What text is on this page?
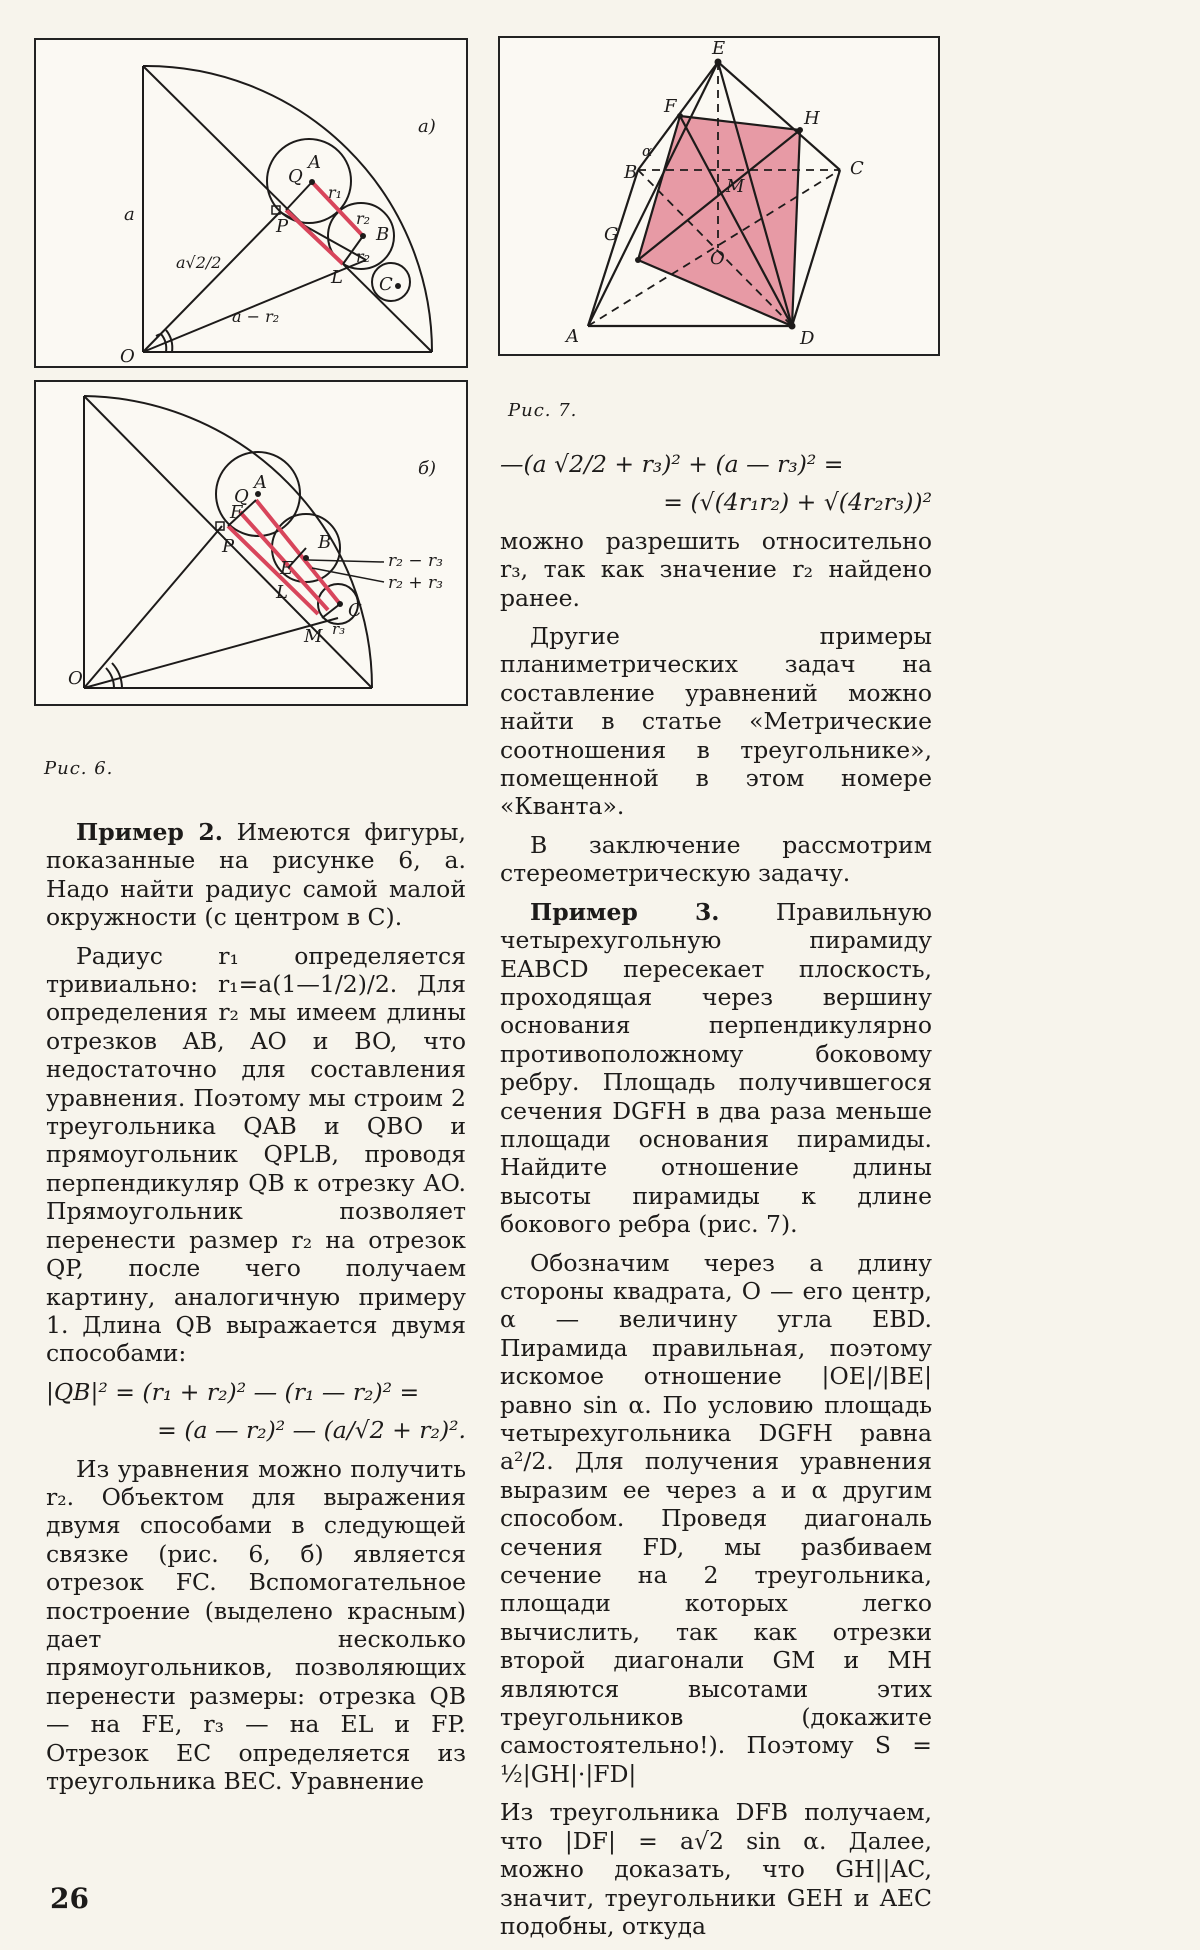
а)
a
O
P
Q
A
r₁
r₂
B
r₂
L C
a√2/2
a − r₂
б)
O
F
P
Q
A
B
E
L
M
C
r₃
r₂ − r₃
r₂ + r₃
Рис. 6.
E
F
H
B	C
α
M
G
O
A	D
Рис. 7.

Пример 2. Имеются фигуры, показанные на рисунке 6, a. Надо найти радиус самой малой окружности (с центром в C).

Радиус r₁ определяется тривиально: r₁=a(1—1/2)/2. Для определения r₂ мы имеем длины отрезков AB, AO и BO, что недостаточно для составления уравнения. Поэтому мы строим 2 треугольника QAB и QBO и прямоугольник QPLB, проводя перпендикуляр QB к отрезку AO. Прямоугольник позволяет перенести размер r₂ на отрезок QP, после чего получаем картину, аналогичную примеру 1. Длина QB выражается двумя способами:

|QB|² = (r₁ + r₂)² — (r₁ — r₂)² =
= (a — r₂)² — (a/√2 + r₂)².

Из уравнения можно получить r₂. Объектом для выражения двумя способами в следующей связке (рис. 6, б) является отрезок FC. Вспомогательное построение (выделено красным) дает несколько прямоугольников, позволяющих перенести размеры: отрезка QB — на FE, r₃ — на EL и FP. Отрезок EC определяется из треугольника BEC. Уравнение

—(a √2/2 + r₃)² + (a — r₃)² =
= (√(4r₁r₂) + √(4r₂r₃))²

можно разрешить относительно r₃, так как значение r₂ найдено ранее.

Другие примеры планиметрических задач на составление уравнений можно найти в статье «Метрические соотношения в треугольнике», помещенной в этом номере «Кванта».

В заключение рассмотрим стереометрическую задачу.

Пример 3. Правильную четырехугольную пирамиду EABCD пересекает плоскость, проходящая через вершину основания перпендикулярно противоположному боковому ребру. Площадь получившегося сечения DGFH в два раза меньше площади основания пирамиды. Найдите отношение длины высоты пирамиды к длине бокового ребра (рис. 7).

Обозначим через a длину стороны квадрата, O — его центр, α — величину угла EBD. Пирамида правильная, поэтому искомое отношение |OE|/|BE| равно sin α. По условию площадь четырехугольника DGFH равна a²/2. Для получения уравнения выразим ее через a и α другим способом. Проведя диагональ сечения FD, мы разбиваем сечение на 2 треугольника, площади которых легко вычислить, так как отрезки второй диагонали GM и MH являются высотами этих треугольников (докажите самостоятельно!). Поэтому S = ½|GH|·|FD|

Из треугольника DFB получаем, что |DF| = a√2 sin α. Далее, можно доказать, что GH||AC, значит, треугольники GEH и AEC подобны, откуда

26
